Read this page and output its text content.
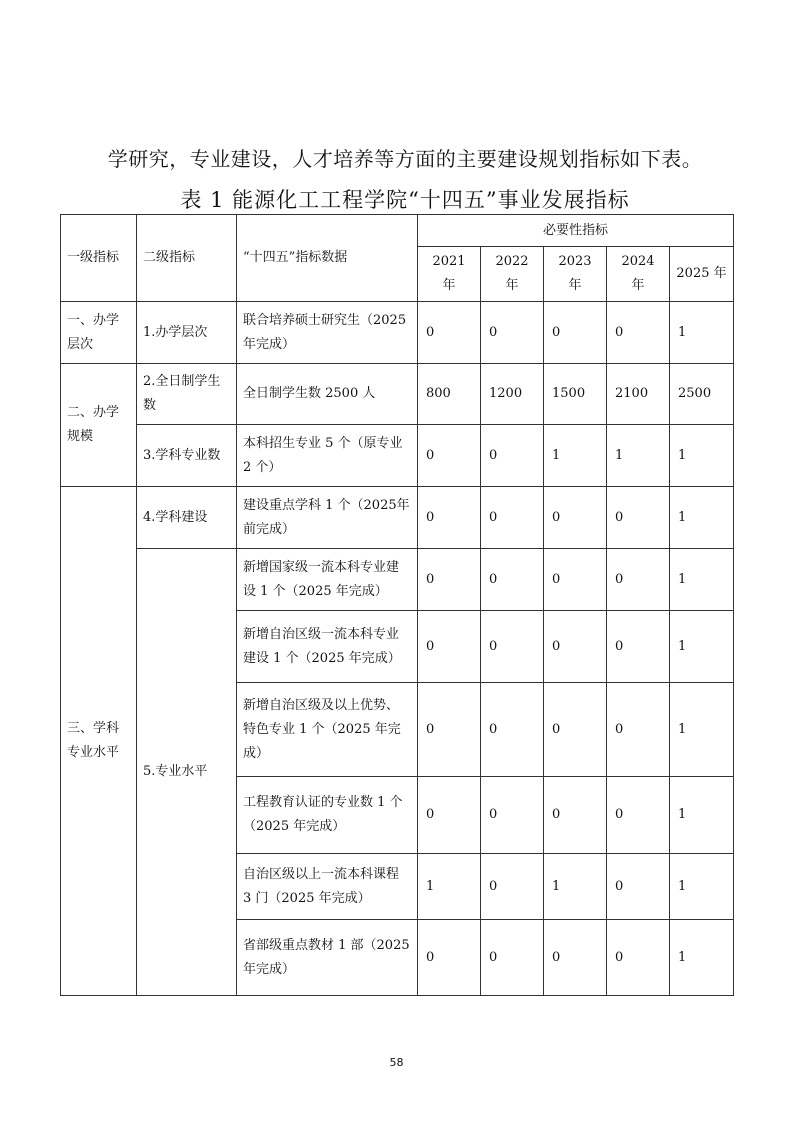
学研究，专业建设，人才培养等方面的主要建设规划指标如下表。
表 1 能源化工工程学院“十四五”事业发展指标
一级指标	二级指标	“十四五”指标数据	必要性指标				
			2021 年	2022 年	2023 年	2024 年	2025 年
一、办学层次	1.办学层次	联合培养硕士研究生（2025年完成）	0	0	0	0	1
二、办学规模	2.全日制学生数	全日制学生数 2500 人	800	1200	1500	2100	2500
	3.学科专业数	本科招生专业 5 个（原专业 2 个）	0	0	1	1	1
三、学科专业水平	4.学科建设	建设重点学科 1 个（2025年前完成）	0	0	0	0	1
	5.专业水平	新增国家级一流本科专业建设 1 个（2025 年完成）	0	0	0	0	1
		新增自治区级一流本科专业建设 1 个（2025 年完成）	0	0	0	0	1
		新增自治区级及以上优势、特色专业 1 个（2025 年完成）	0	0	0	0	1
		工程教育认证的专业数 1 个（2025 年完成）	0	0	0	0	1
		自治区级以上一流本科课程 3 门（2025 年完成）	1	0	1	0	1
		省部级重点教材 1 部（2025 年完成）	0	0	0	0	1
58
